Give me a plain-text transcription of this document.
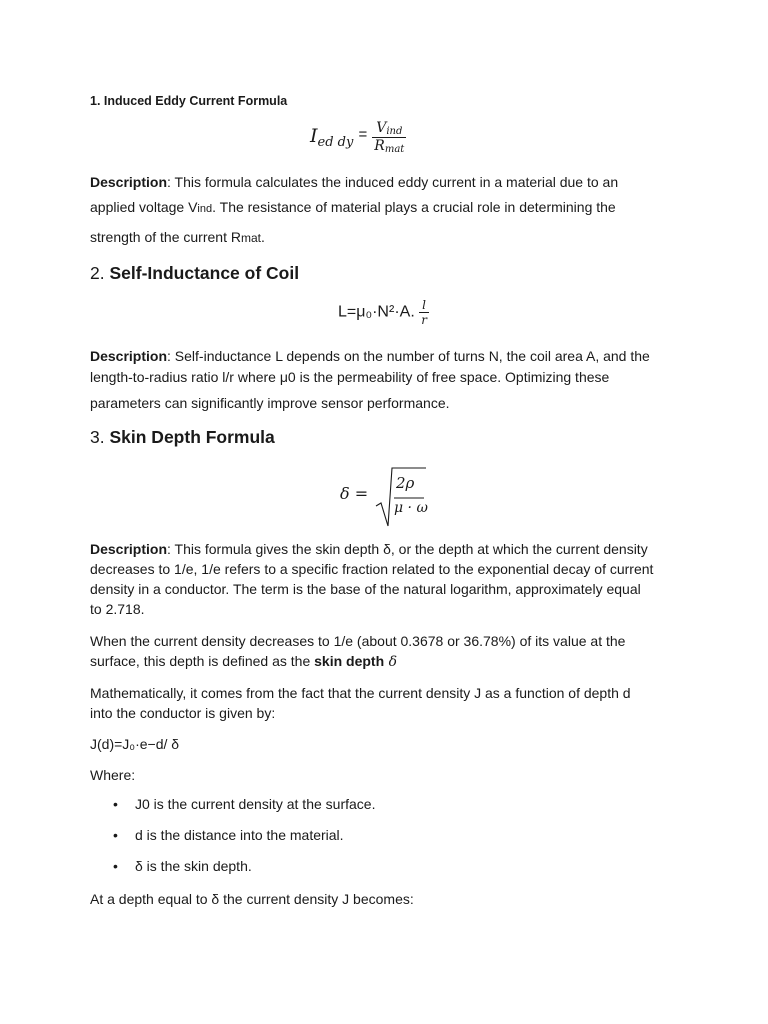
1. Induced Eddy Current Formula
$I_{ed dy} = \frac{\text{Vind}}{\text{Rmat}}$
Description: This formula calculates the induced eddy current in a material due to an
applied voltage Vind. The resistance of material plays a crucial role in determining the
strength of the current Rmat.
2. Self-Inductance of Coil
L=μ₀·N²·A. $\frac{l}{r}$
Description: Self-inductance L depends on the number of turns N, the coil area A, and the
length-to-radius ratio l/r where μ0 is the permeability of free space. Optimizing these
parameters can significantly improve sensor performance.
3. Skin Depth Formula
δ =
2ρ
μ · ω
Description: This formula gives the skin depth δ, or the depth at which the current density
decreases to 1/e, 1/e refers to a specific fraction related to the exponential decay of current
density in a conductor. The term is the base of the natural logarithm, approximately equal
to 2.718.
When the current density decreases to 1/e (about 0.3678 or 36.78%) of its value at the
surface, this depth is defined as the skin depth δ
Mathematically, it comes from the fact that the current density J as a function of depth d
into the conductor is given by:
J(d)=J₀·e−d/ δ
Where:
• J0 is the current density at the surface.
• d is the distance into the material.
• δ is the skin depth.
At a depth equal to δ the current density J becomes:
